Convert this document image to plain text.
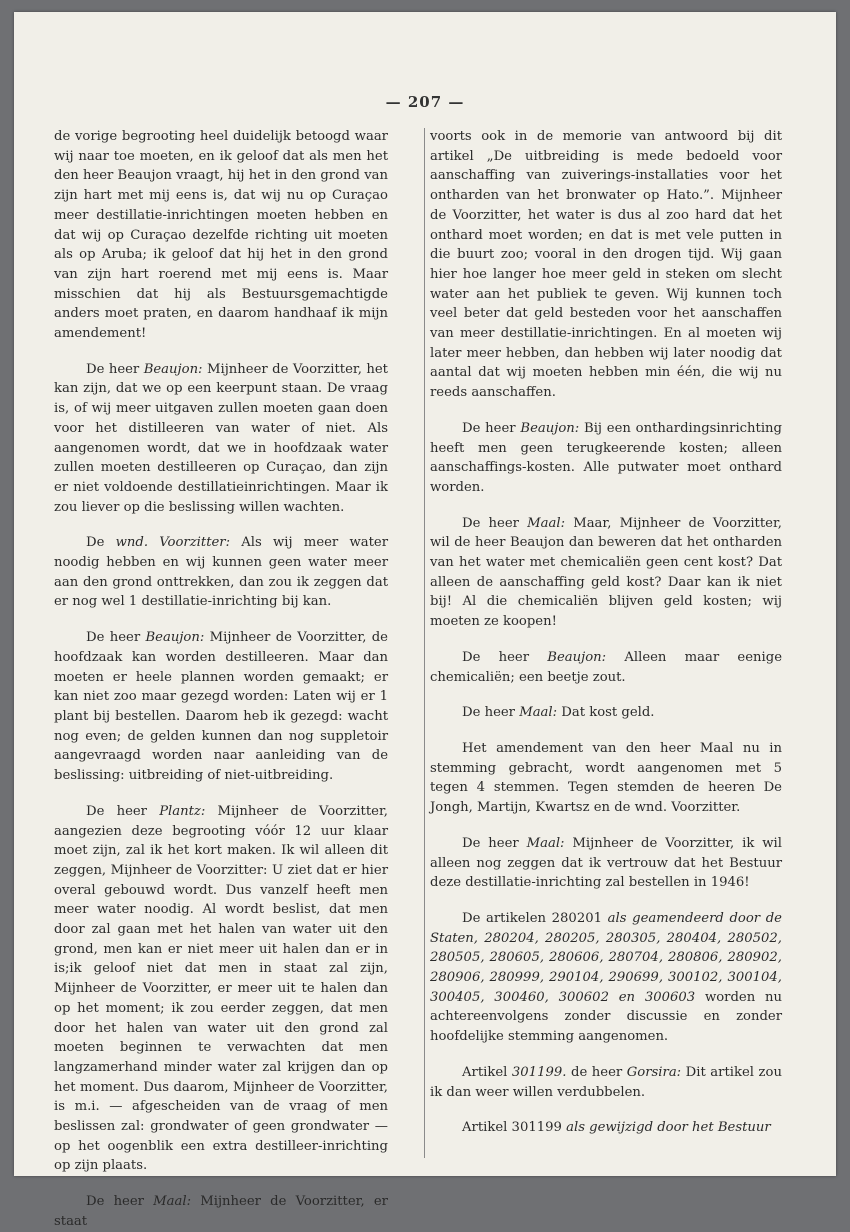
— 207 —

de vorige begrooting heel duidelijk betoogd waar wij naar toe moeten, en ik geloof dat als men het den heer Beaujon vraagt, hij het in den grond van zijn hart met mij eens is, dat wij nu op Curaçao meer destillatie-inrichtingen moeten hebben en dat wij op Curaçao dezelfde richting uit moeten als op Aruba; ik geloof dat hij het in den grond van zijn hart roerend met mij eens is. Maar misschien dat hij als Bestuursgemachtigde anders moet praten, en daarom handhaaf ik mijn amendement!

De heer Beaujon: Mijnheer de Voorzitter, het kan zijn, dat we op een keerpunt staan. De vraag is, of wij meer uitgaven zullen moeten gaan doen voor het distilleeren van water of niet. Als aangenomen wordt, dat we in hoofdzaak water zullen moeten destilleeren op Curaçao, dan zijn er niet voldoende destillatieinrichtingen. Maar ik zou liever op die beslissing willen wachten.

De wnd. Voorzitter: Als wij meer water noodig hebben en wij kunnen geen water meer aan den grond onttrekken, dan zou ik zeggen dat er nog wel 1 destillatie-inrichting bij kan.

De heer Beaujon: Mijnheer de Voorzitter, de hoofdzaak kan worden destilleeren. Maar dan moeten er heele plannen worden gemaakt; er kan niet zoo maar gezegd worden: Laten wij er 1 plant bij bestellen. Daarom heb ik gezegd: wacht nog even; de gelden kunnen dan nog suppletoir aangevraagd worden naar aanleiding van de beslissing: uitbreiding of niet-uitbreiding.

De heer Plantz: Mijnheer de Voorzitter, aangezien deze begrooting vóór 12 uur klaar moet zijn, zal ik het kort maken. Ik wil alleen dit zeggen, Mijnheer de Voorzitter: U ziet dat er hier overal gebouwd wordt. Dus vanzelf heeft men meer water noodig. Al wordt beslist, dat men door zal gaan met het halen van water uit den grond, men kan er niet meer uit halen dan er in is;ik geloof niet dat men in staat zal zijn, Mijnheer de Voorzitter, er meer uit te halen dan op het moment; ik zou eerder zeggen, dat men door het halen van water uit den grond zal moeten beginnen te verwachten dat men langzamerhand minder water zal krijgen dan op het moment. Dus daarom, Mijnheer de Voorzitter, is m.i. — afgescheiden van de vraag of men beslissen zal: grondwater of geen grondwater — op het oogenblik een extra destilleer-inrichting op zijn plaats.

De heer Maal: Mijnheer de Voorzitter, er staat

voorts ook in de memorie van antwoord bij dit artikel „De uitbreiding is mede bedoeld voor aanschaffing van zuiverings-installaties voor het ontharden van het bronwater op Hato.”. Mijnheer de Voorzitter, het water is dus al zoo hard dat het onthard moet worden; en dat is met vele putten in die buurt zoo; vooral in den drogen tijd. Wij gaan hier hoe langer hoe meer geld in steken om slecht water aan het publiek te geven. Wij kunnen toch veel beter dat geld besteden voor het aanschaffen van meer destillatie-inrichtingen. En al moeten wij later meer hebben, dan hebben wij later noodig dat aantal dat wij moeten hebben min één, die wij nu reeds aanschaffen.

De heer Beaujon: Bij een onthardingsinrichting heeft men geen terugkeerende kosten; alleen aanschaffings-kosten. Alle putwater moet onthard worden.

De heer Maal: Maar, Mijnheer de Voorzitter, wil de heer Beaujon dan beweren dat het ontharden van het water met chemicaliën geen cent kost? Dat alleen de aanschaffing geld kost? Daar kan ik niet bij! Al die chemicaliën blijven geld kosten; wij moeten ze koopen!

De heer Beaujon: Alleen maar eenige chemicaliën; een beetje zout.

De heer Maal: Dat kost geld.

Het amendement van den heer Maal nu in stemming gebracht, wordt aangenomen met 5 tegen 4 stemmen. Tegen stemden de heeren De Jongh, Martijn, Kwartsz en de wnd. Voorzitter.

De heer Maal: Mijnheer de Voorzitter, ik wil alleen nog zeggen dat ik vertrouw dat het Bestuur deze destillatie-inrichting zal bestellen in 1946!

De artikelen 280201 als geamendeerd door de Staten, 280204, 280205, 280305, 280404, 280502, 280505, 280605, 280606, 280704, 280806, 280902, 280906, 280999, 290104, 290699, 300102, 300104, 300405, 300460, 300602 en 300603 worden nu achtereenvolgens zonder discussie en zonder hoofdelijke stemming aangenomen.

Artikel 301199. de heer Gorsira: Dit artikel zou ik dan weer willen verdubbelen.

Artikel 301199 als gewijzigd door het Bestuur
